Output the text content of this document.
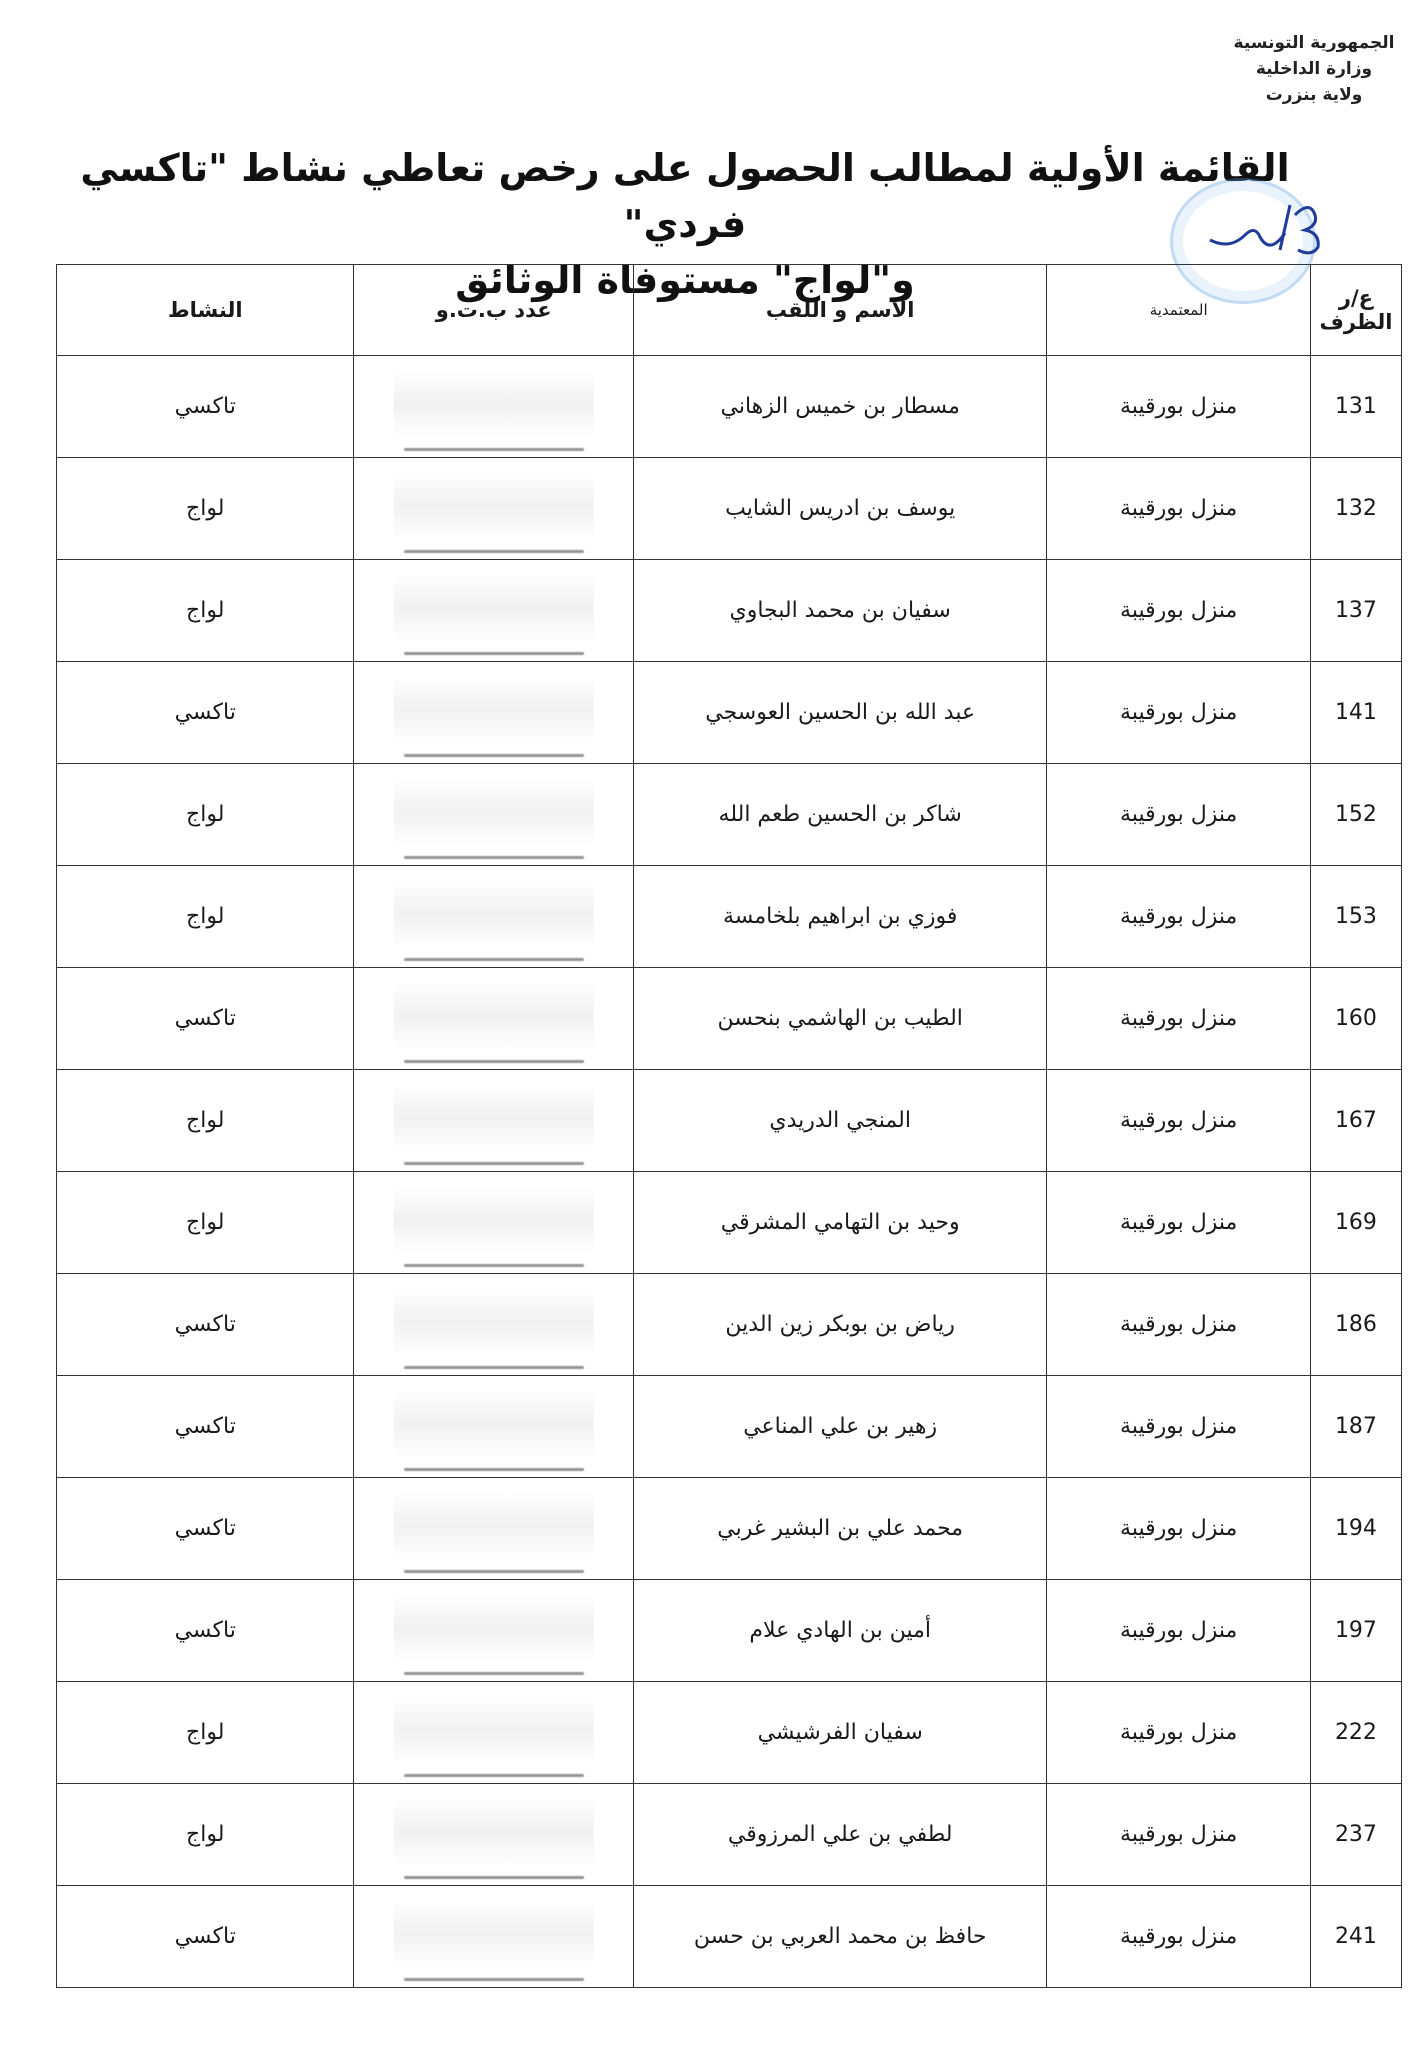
الجمهورية التونسية
وزارة الداخلية
ولاية بنزرت
القائمة الأولية لمطالب الحصول على رخص تعاطي نشاط "تاكسي فردي"
و"لواج" مستوفاة الوثائق	ع/ر الظرف	المعتمدية	الاسم و اللقب	عدد ب.ت.و	النشاط
131	منزل بورقيبة	مسطار بن خميس الزهاني		تاكسي
132	منزل بورقيبة	يوسف بن ادريس الشايب		لواج
137	منزل بورقيبة	سفيان بن محمد البجاوي		لواج
141	منزل بورقيبة	عبد الله بن الحسين العوسجي		تاكسي
152	منزل بورقيبة	شاكر بن الحسين طعم الله		لواج
153	منزل بورقيبة	فوزي بن ابراهيم بلخامسة		لواج
160	منزل بورقيبة	الطيب بن الهاشمي بنحسن		تاكسي
167	منزل بورقيبة	المنجي الدريدي		لواج
169	منزل بورقيبة	وحيد بن التهامي المشرقي		لواج
186	منزل بورقيبة	رياض بن بوبكر زين الدين		تاكسي
187	منزل بورقيبة	زهير بن علي المناعي		تاكسي
194	منزل بورقيبة	محمد علي بن البشير غربي		تاكسي
197	منزل بورقيبة	أمين بن الهادي علام		تاكسي
222	منزل بورقيبة	سفيان الفرشيشي		لواج
237	منزل بورقيبة	لطفي بن علي المرزوقي		لواج
241	منزل بورقيبة	حافظ بن محمد العربي بن حسن		تاكسي
